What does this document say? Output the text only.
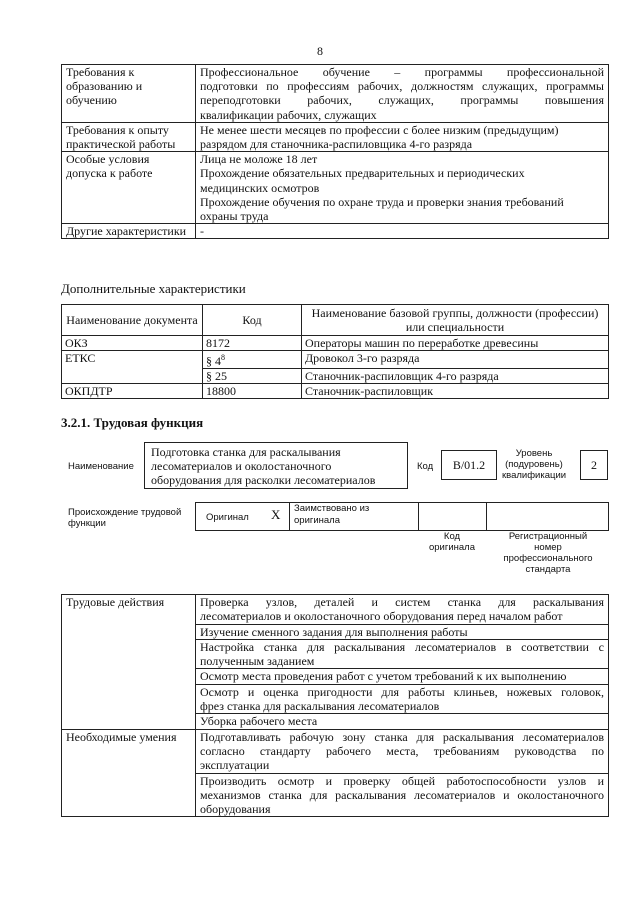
8
Требования к образованию и обучению	Профессиональное обучение – программы профессиональной
подготовки по профессиям рабочих, должностям служащих, программы
переподготовки рабочих, служащих, программы повышения
квалификации рабочих, служащих

Требования к опыту практической работы	Не менее шести месяцев по профессии с более низким (предыдущим)
разрядом для станочника-распиловщика 4-го разряда

Особые условия допуска к работе	Лица не моложе 18 лет
Прохождение обязательных предварительных и периодических
медицинских осмотров
Прохождение обучения по охране труда и проверки знания требований
охраны труда

Другие характеристики	-
Дополнительные характеристики
Наименование документа	Код	Наименование базовой группы, должности (профессии) или специальности
ОКЗ	8172	Операторы машин по переработке древесины
ЕТКС	§ $4^8$	Дровокол 3-го разряда
	§ 25	Станочник-распиловщик 4-го разряда
ОКПДТР	18800	Станочник-распиловщик
3.2.1. Трудовая функция
Наименование
Подготовка станка для раскалывания лесоматериалов и околостаночного оборудования для расколки лесоматериалов
Код	B/01.2
Уровень (подуровень) квалификации
2
Происхождение трудовой функции
Оригинал X	Заимствовано из оригинала		
Код оригинала
Регистрационный номер профессионального стандарта
Трудовые действия	Проверка узлов, деталей и систем станка для раскалывания
лесоматериалов и околостаночного оборудования перед началом работ

	Изучение сменного задания для выполнения работы

	Настройка станка для раскалывания лесоматериалов в соответствии с
полученным заданием

	Осмотр места проведения работ с учетом требований к их выполнению

	Осмотр и оценка пригодности для работы клиньев, ножевых головок,
фрез станка для раскалывания лесоматериалов

	Уборка рабочего места

Необходимые умения	Подготавливать рабочую зону станка для раскалывания лесоматериалов
согласно стандарту рабочего места, требованиям руководства по
эксплуатации

	Производить осмотр и проверку общей работоспособности узлов и
механизмов станка для раскалывания лесоматериалов и околостаночного
оборудования
